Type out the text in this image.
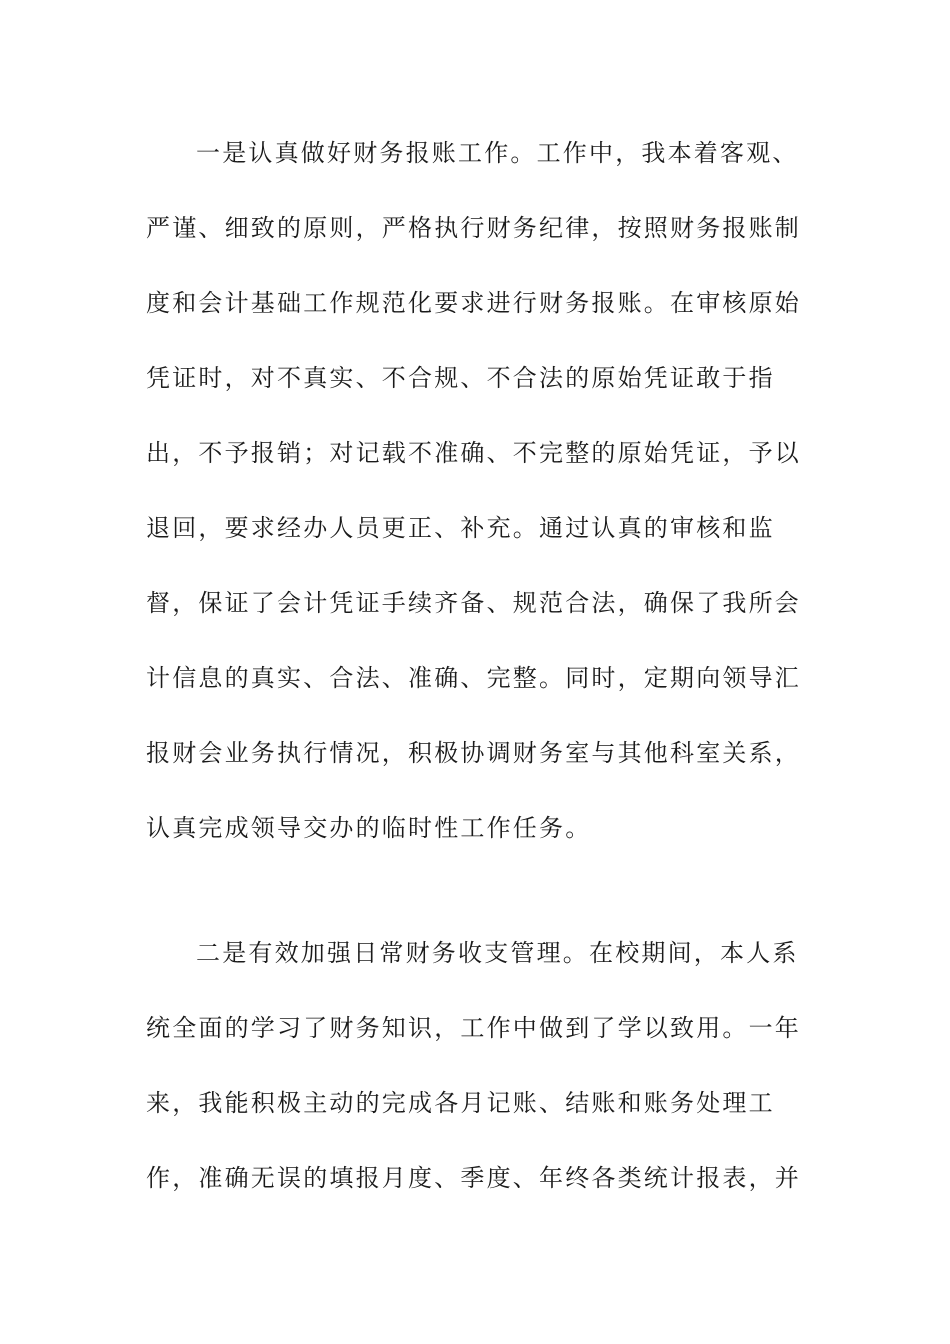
一是认真做好财务报账工作。工作中，我本着客观、
严谨、细致的原则，严格执行财务纪律，按照财务报账制
度和会计基础工作规范化要求进行财务报账。在审核原始
凭证时，对不真实、不合规、不合法的原始凭证敢于指
出，不予报销；对记载不准确、不完整的原始凭证，予以
退回，要求经办人员更正、补充。通过认真的审核和监
督，保证了会计凭证手续齐备、规范合法，确保了我所会
计信息的真实、合法、准确、完整。同时，定期向领导汇
报财会业务执行情况，积极协调财务室与其他科室关系，
认真完成领导交办的临时性工作任务。
二是有效加强日常财务收支管理。在校期间，本人系
统全面的学习了财务知识，工作中做到了学以致用。一年
来，我能积极主动的完成各月记账、结账和账务处理工
作，准确无误的填报月度、季度、年终各类统计报表，并
